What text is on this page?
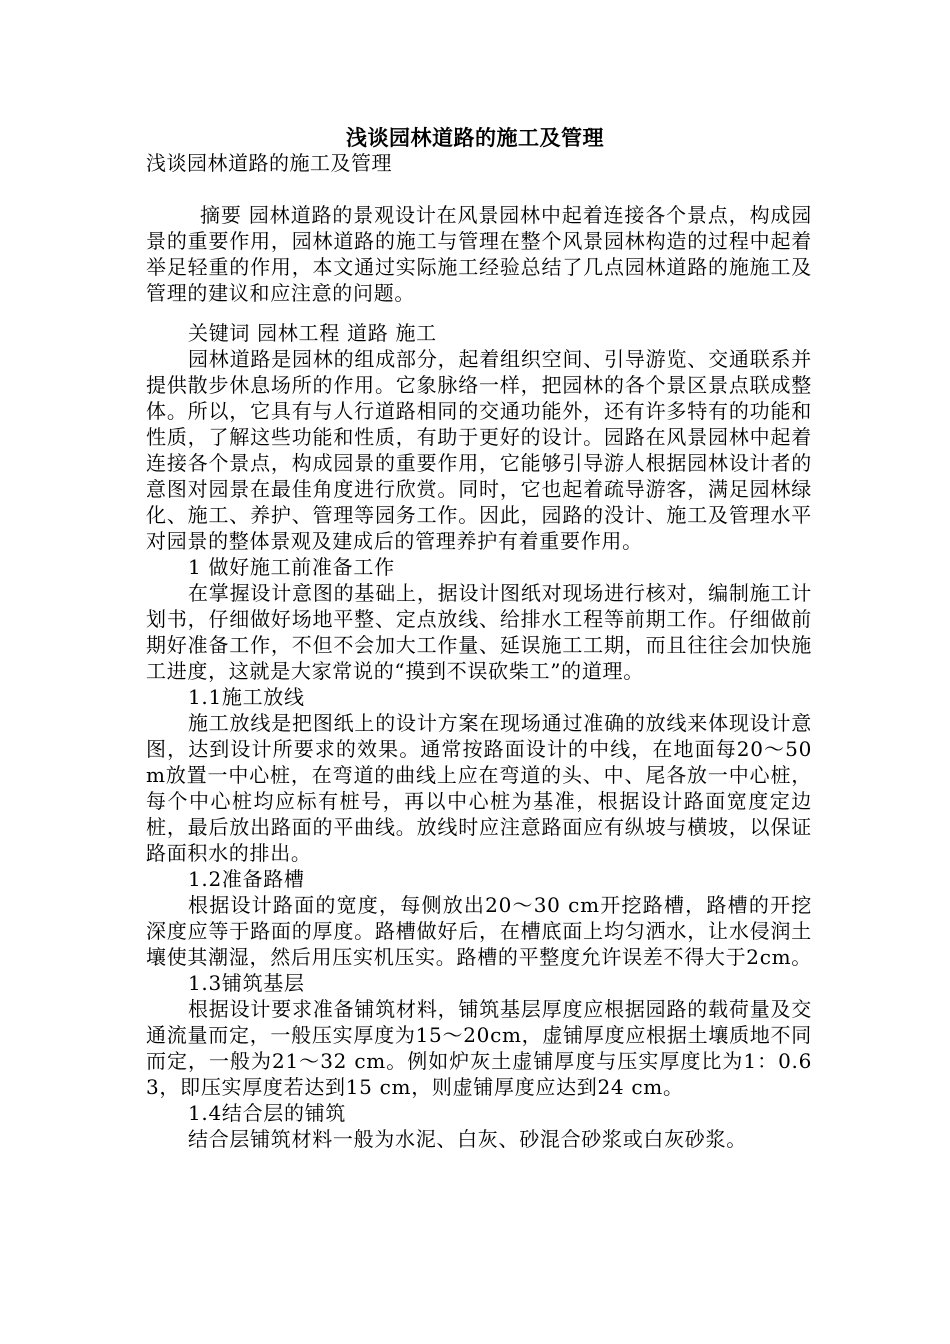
浅谈园林道路的施工及管理
浅谈园林道路的施工及管理

摘要 园林道路的景观设计在风景园林中起着连接各个景点，构成园景的重要作用，园林道路的施工与管理在整个风景园林构造的过程中起着举足轻重的作用，本文通过实际施工经验总结了几点园林道路的施施工及管理的建议和应注意的问题。

关键词 园林工程 道路 施工

园林道路是园林的组成部分，起着组织空间、引导游览、交通联系并提供散步休息场所的作用。它象脉络一样，把园林的各个景区景点联成整体。所以，它具有与人行道路相同的交通功能外，还有许多特有的功能和性质，了解这些功能和性质，有助于更好的设计。园路在风景园林中起着连接各个景点，构成园景的重要作用，它能够引导游人根据园林设计者的意图对园景在最佳角度进行欣赏。同时，它也起着疏导游客，满足园林绿化、施工、养护、管理等园务工作。因此，园路的没计、施工及管理水平对园景的整体景观及建成后的管理养护有着重要作用。

1 做好施工前准备工作

在掌握设计意图的基础上，据设计图纸对现场进行核对，编制施工计划书，仔细做好场地平整、定点放线、给排水工程等前期工作。仔细做前期好准备工作，不但不会加大工作量、延误施工工期，而且往往会加快施工进度，这就是大家常说的“摸到不误砍柴工”的道理。

1.1施工放线

施工放线是把图纸上的设计方案在现场通过准确的放线来体现设计意图，达到设计所要求的效果。通常按路面设计的中线，在地面每20～50m放置一中心桩，在弯道的曲线上应在弯道的头、中、尾各放一中心桩，每个中心桩均应标有桩号，再以中心桩为基准，根据设计路面宽度定边桩，最后放出路面的平曲线。放线时应注意路面应有纵坡与横坡，以保证路面积水的排出。

1.2准备路槽

根据设计路面的宽度，每侧放出20～30 cm开挖路槽，路槽的开挖深度应等于路面的厚度。路槽做好后，在槽底面上均匀洒水，让水侵润土壤使其潮湿，然后用压实机压实。路槽的平整度允许误差不得大于2cm。

1.3铺筑基层

根据设计要求准备铺筑材料，铺筑基层厚度应根据园路的载荷量及交通流量而定，一般压实厚度为15～20cm，虚铺厚度应根据土壤质地不同而定，一般为21～32 cm。例如炉灰土虚铺厚度与压实厚度比为1：0.63，即压实厚度若达到15 cm，则虚铺厚度应达到24 cm。

1.4结合层的铺筑

结合层铺筑材料一般为水泥、白灰、砂混合砂浆或白灰砂浆。
